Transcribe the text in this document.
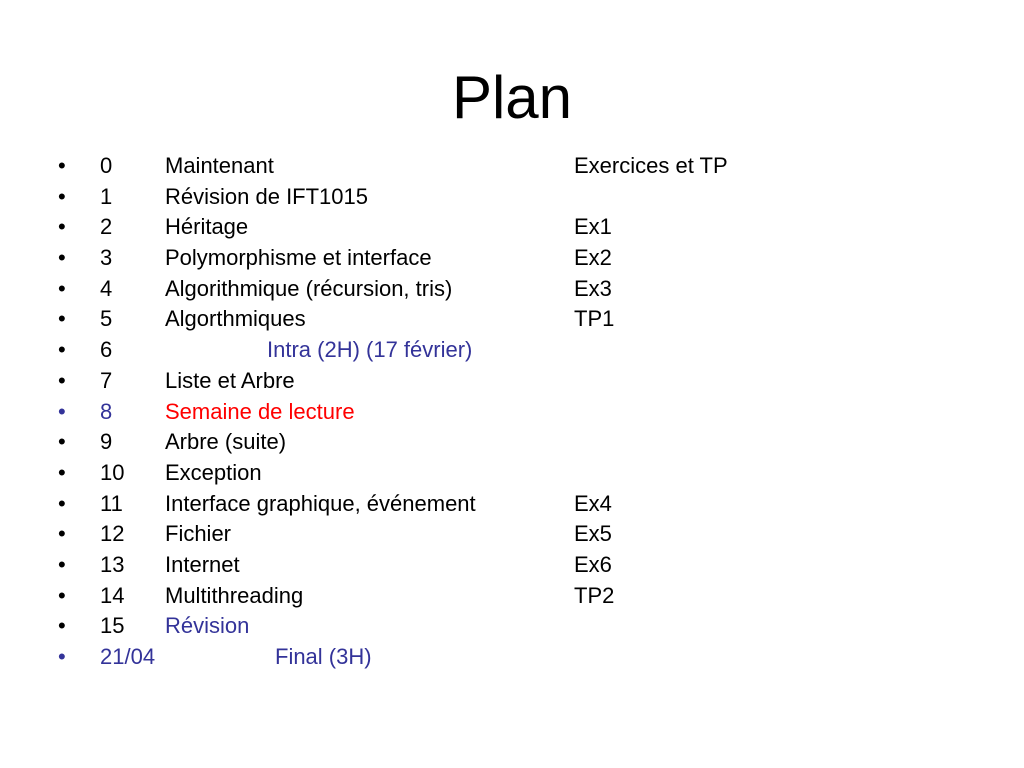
Plan
• 0 Maintenant	Exercices et TP
• 1 Révision de IFT1015
• 2 Héritage	Ex1
• 3 Polymorphisme et interface	Ex2
• 4 Algorithmique (récursion, tris)	Ex3
• 5 Algorthmiques	TP1
• 6	Intra (2H) (17 février)
• 7 Liste et Arbre
• 8 Semaine de lecture
• 9 Arbre (suite)
• 10 Exception
• 11 Interface graphique, événement	Ex4
• 12 Fichier	Ex5
• 13 Internet	Ex6
• 14 Multithreading	TP2
• 15 Révision
• 21/04	Final (3H)
